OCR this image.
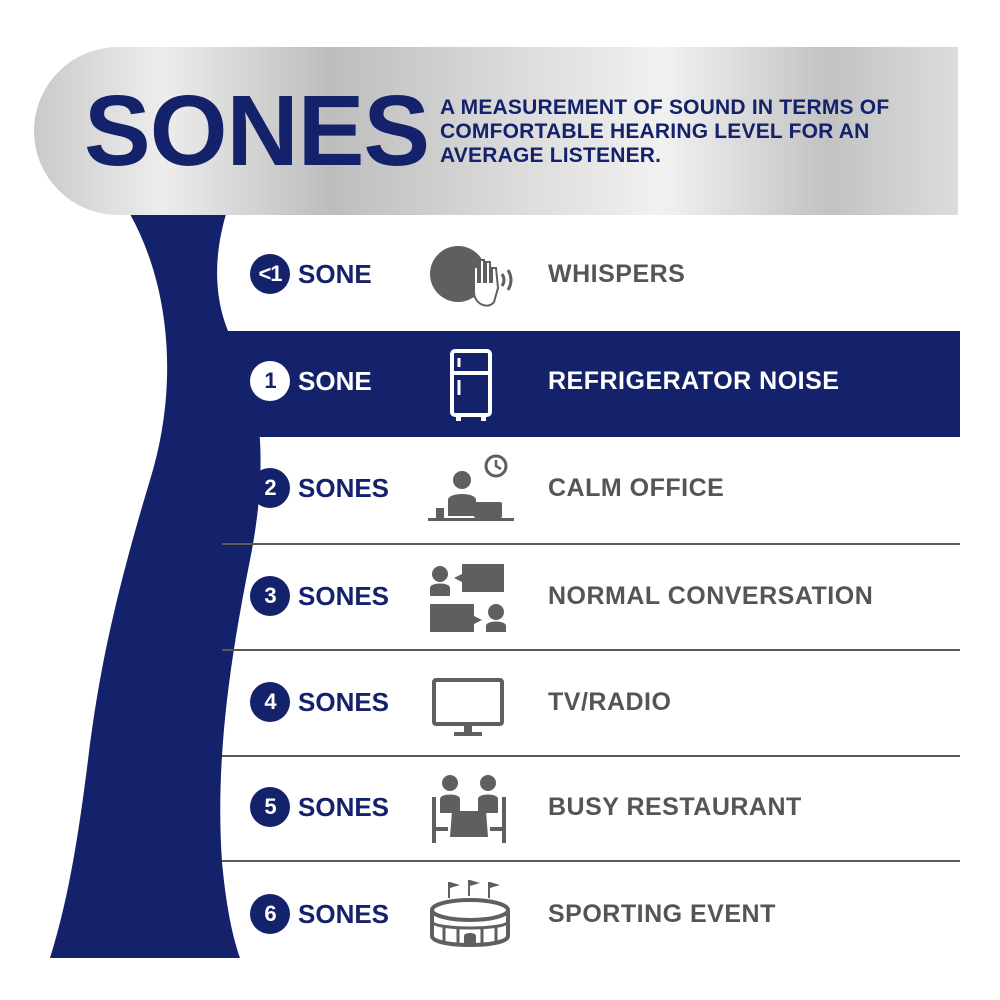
SONES A MEASUREMENT OF SOUND IN TERMS OF COMFORTABLE HEARING LEVEL FOR AN AVERAGE LISTENER.
<1 SONE	WHISPERS
1 SONE	REFRIGERATOR NOISE
2 SONES	CALM OFFICE
3 SONES	NORMAL CONVERSATION
4 SONES	TV/RADIO
5 SONES	BUSY RESTAURANT
6 SONES	SPORTING EVENT
